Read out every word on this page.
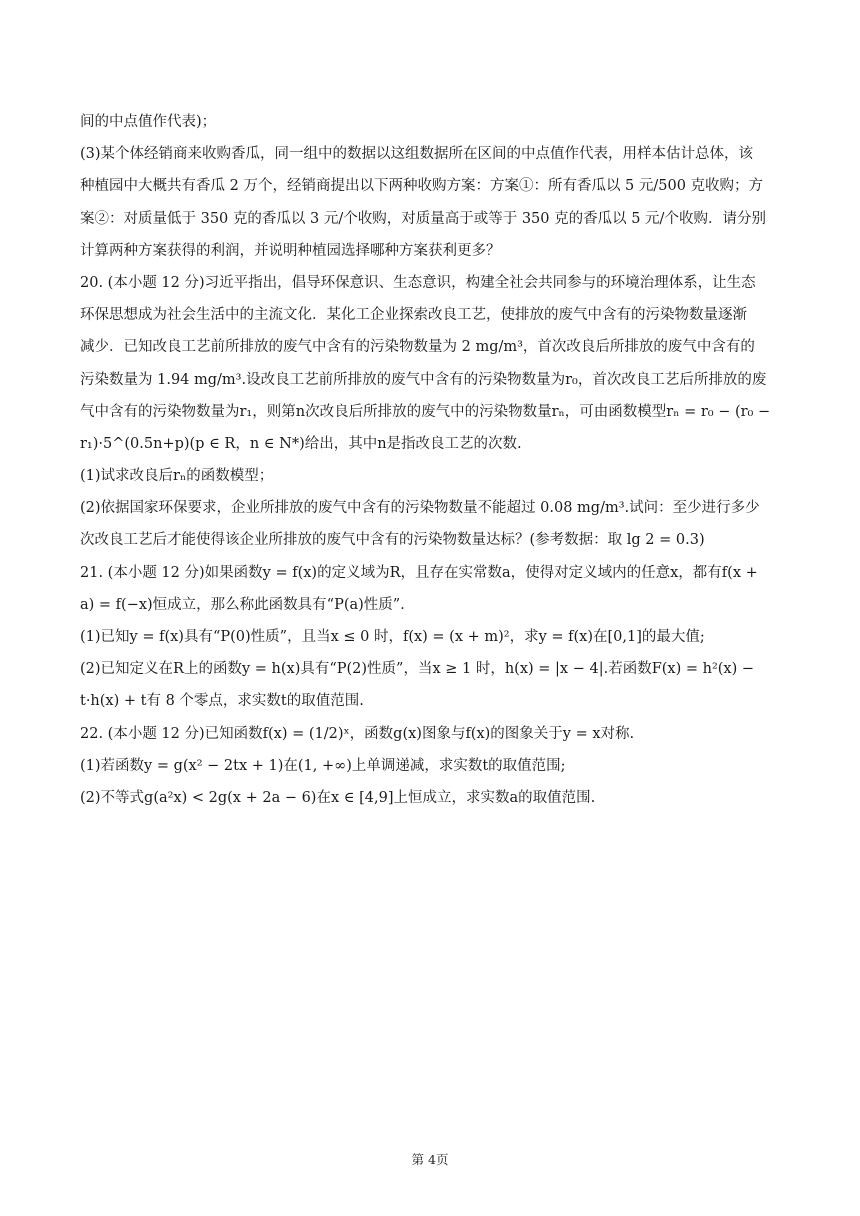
间的中点值作代表)；
(3)某个体经销商来收购香瓜，同一组中的数据以这组数据所在区间的中点值作代表，用样本估计总体，该
种植园中大概共有香瓜 2 万个，经销商提出以下两种收购方案：方案①：所有香瓜以 5 元/500 克收购；方
案②：对质量低于 350 克的香瓜以 3 元/个收购，对质量高于或等于 350 克的香瓜以 5 元/个收购．请分别
计算两种方案获得的利润，并说明种植园选择哪种方案获利更多？
20. (本小题 12 分)习近平指出，倡导环保意识、生态意识，构建全社会共同参与的环境治理体系，让生态
环保思想成为社会生活中的主流文化．某化工企业探索改良工艺，使排放的废气中含有的污染物数量逐渐
减少．已知改良工艺前所排放的废气中含有的污染物数量为 2 mg/m³，首次改良后所排放的废气中含有的
污染数量为 1.94 mg/m³.设改良工艺前所排放的废气中含有的污染物数量为r₀，首次改良工艺后所排放的废
气中含有的污染物数量为r₁，则第n次改良后所排放的废气中的污染物数量rₙ，可由函数模型rₙ = r₀ − (r₀ −
r₁)·5^(0.5n+p)(p ∈ R，n ∈ N*)给出，其中n是指改良工艺的次数.
(1)试求改良后rₙ的函数模型；
(2)依据国家环保要求，企业所排放的废气中含有的污染物数量不能超过 0.08 mg/m³.试问：至少进行多少
次改良工艺后才能使得该企业所排放的废气中含有的污染物数量达标？(参考数据：取 lg 2 = 0.3)
21. (本小题 12 分)如果函数y = f(x)的定义域为R，且存在实常数a，使得对定义域内的任意x，都有f(x +
a) = f(−x)恒成立，那么称此函数具有“P(a)性质”．
(1)已知y = f(x)具有“P(0)性质”，且当x ≤ 0 时，f(x) = (x + m)²，求y = f(x)在[0,1]的最大值;
(2)已知定义在R上的函数y = h(x)具有“P(2)性质”，当x ≥ 1 时，h(x) = |x − 4|.若函数F(x) = h²(x) −
t·h(x) + t有 8 个零点，求实数t的取值范围.
22. (本小题 12 分)已知函数f(x) = (1/2)ˣ，函数g(x)图象与f(x)的图象关于y = x对称.
(1)若函数y = g(x² − 2tx + 1)在(1, +∞)上单调递减，求实数t的取值范围;
(2)不等式g(a²x) < 2g(x + 2a − 6)在x ∈ [4,9]上恒成立，求实数a的取值范围.
第 4页
